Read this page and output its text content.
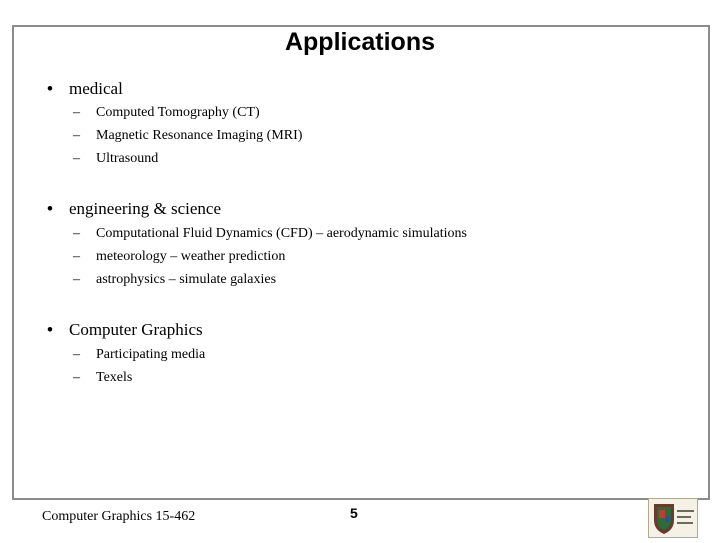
Applications
• medical
– Computed Tomography (CT)
– Magnetic Resonance Imaging (MRI)
– Ultrasound
• engineering & science
– Computational Fluid Dynamics (CFD) – aerodynamic simulations
– meteorology – weather prediction
– astrophysics – simulate galaxies
• Computer Graphics
– Participating media
– Texels
Computer Graphics 15-462	5
